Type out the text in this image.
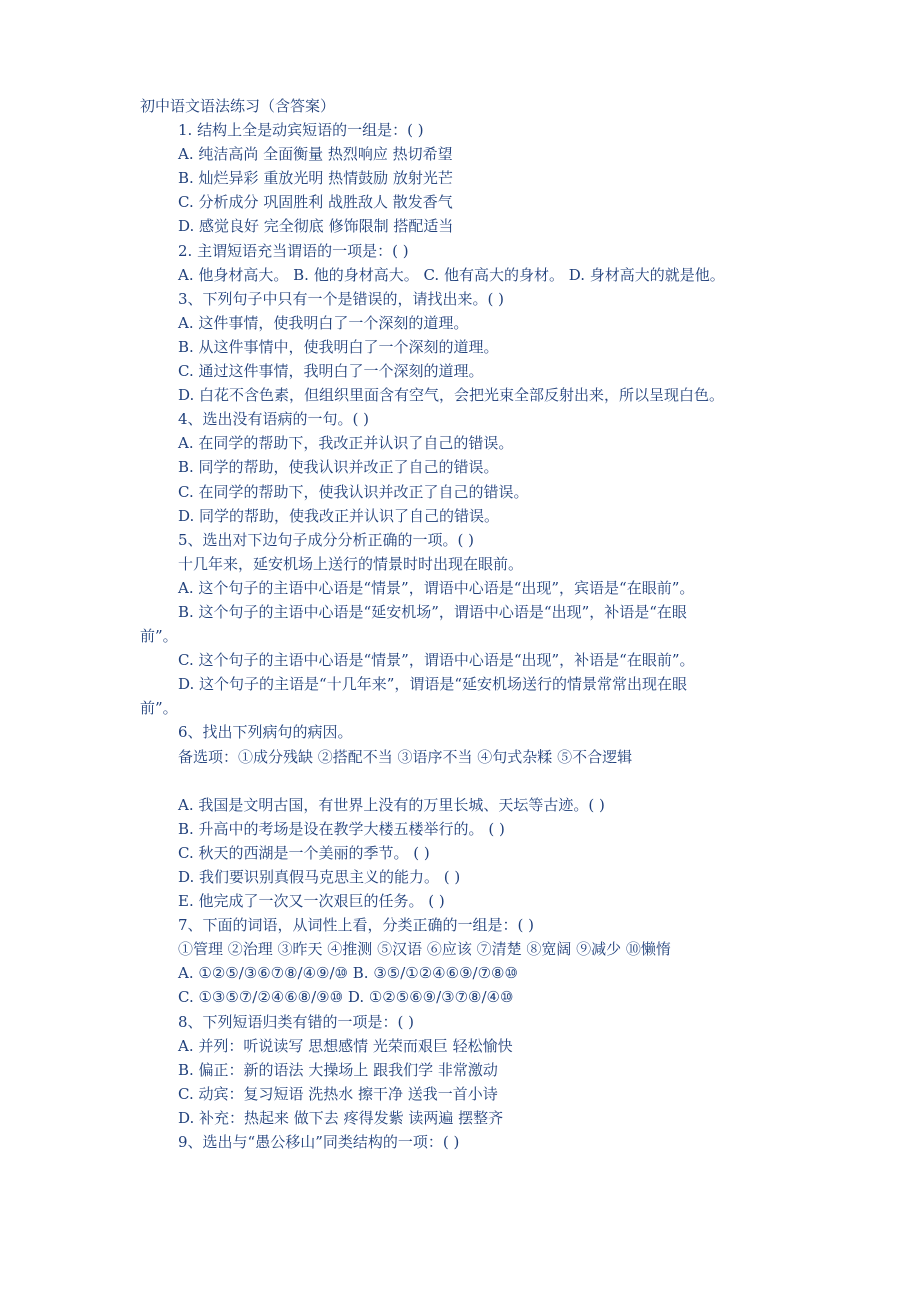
初中语文语法练习（含答案）
1. 结构上全是动宾短语的一组是：( )
A. 纯洁高尚 全面衡量 热烈响应 热切希望
B. 灿烂异彩 重放光明 热情鼓励 放射光芒
C. 分析成分 巩固胜利 战胜敌人 散发香气
D. 感觉良好 完全彻底 修饰限制 搭配适当
2. 主谓短语充当谓语的一项是：( )
A. 他身材高大。 B. 他的身材高大。 C. 他有高大的身材。 D. 身材高大的就是他。
3、下列句子中只有一个是错误的，请找出来。( )
A. 这件事情，使我明白了一个深刻的道理。
B. 从这件事情中，使我明白了一个深刻的道理。
C. 通过这件事情，我明白了一个深刻的道理。
D. 白花不含色素，但组织里面含有空气，会把光束全部反射出来，所以呈现白色。
4、选出没有语病的一句。( )
A. 在同学的帮助下，我改正并认识了自己的错误。
B. 同学的帮助，使我认识并改正了自己的错误。
C. 在同学的帮助下，使我认识并改正了自己的错误。
D. 同学的帮助，使我改正并认识了自己的错误。
5、选出对下边句子成分分析正确的一项。( )
十几年来，延安机场上送行的情景时时出现在眼前。
A. 这个句子的主语中心语是“情景”，谓语中心语是“出现”，宾语是“在眼前”。
B. 这个句子的主语中心语是“延安机场”，谓语中心语是“出现”，补语是“在眼
前”。
C. 这个句子的主语中心语是“情景”，谓语中心语是“出现”，补语是“在眼前”。
D. 这个句子的主语是“十几年来”，谓语是“延安机场送行的情景常常出现在眼
前”。
6、找出下列病句的病因。
备选项：①成分残缺 ②搭配不当 ③语序不当 ④句式杂糅 ⑤不合逻辑
A. 我国是文明古国，有世界上没有的万里长城、天坛等古迹。( )
B. 升高中的考场是设在教学大楼五楼举行的。 ( )
C. 秋天的西湖是一个美丽的季节。 ( )
D. 我们要识别真假马克思主义的能力。 ( )
E. 他完成了一次又一次艰巨的任务。 ( )
7、下面的词语，从词性上看，分类正确的一组是：( )
①管理 ②治理 ③昨天 ④推测 ⑤汉语 ⑥应该 ⑦清楚 ⑧宽阔 ⑨减少 ⑩懒惰
A. ①②⑤/③⑥⑦⑧/④⑨/⑩ B. ③⑤/①②④⑥⑨/⑦⑧⑩
C. ①③⑤⑦/②④⑥⑧/⑨⑩ D. ①②⑤⑥⑨/③⑦⑧/④⑩
8、下列短语归类有错的一项是：( )
A. 并列：听说读写 思想感情 光荣而艰巨 轻松愉快
B. 偏正：新的语法 大操场上 跟我们学 非常激动
C. 动宾：复习短语 洗热水 擦干净 送我一首小诗
D. 补充：热起来 做下去 疼得发紫 读两遍 摆整齐
9、选出与“愚公移山”同类结构的一项：( )
